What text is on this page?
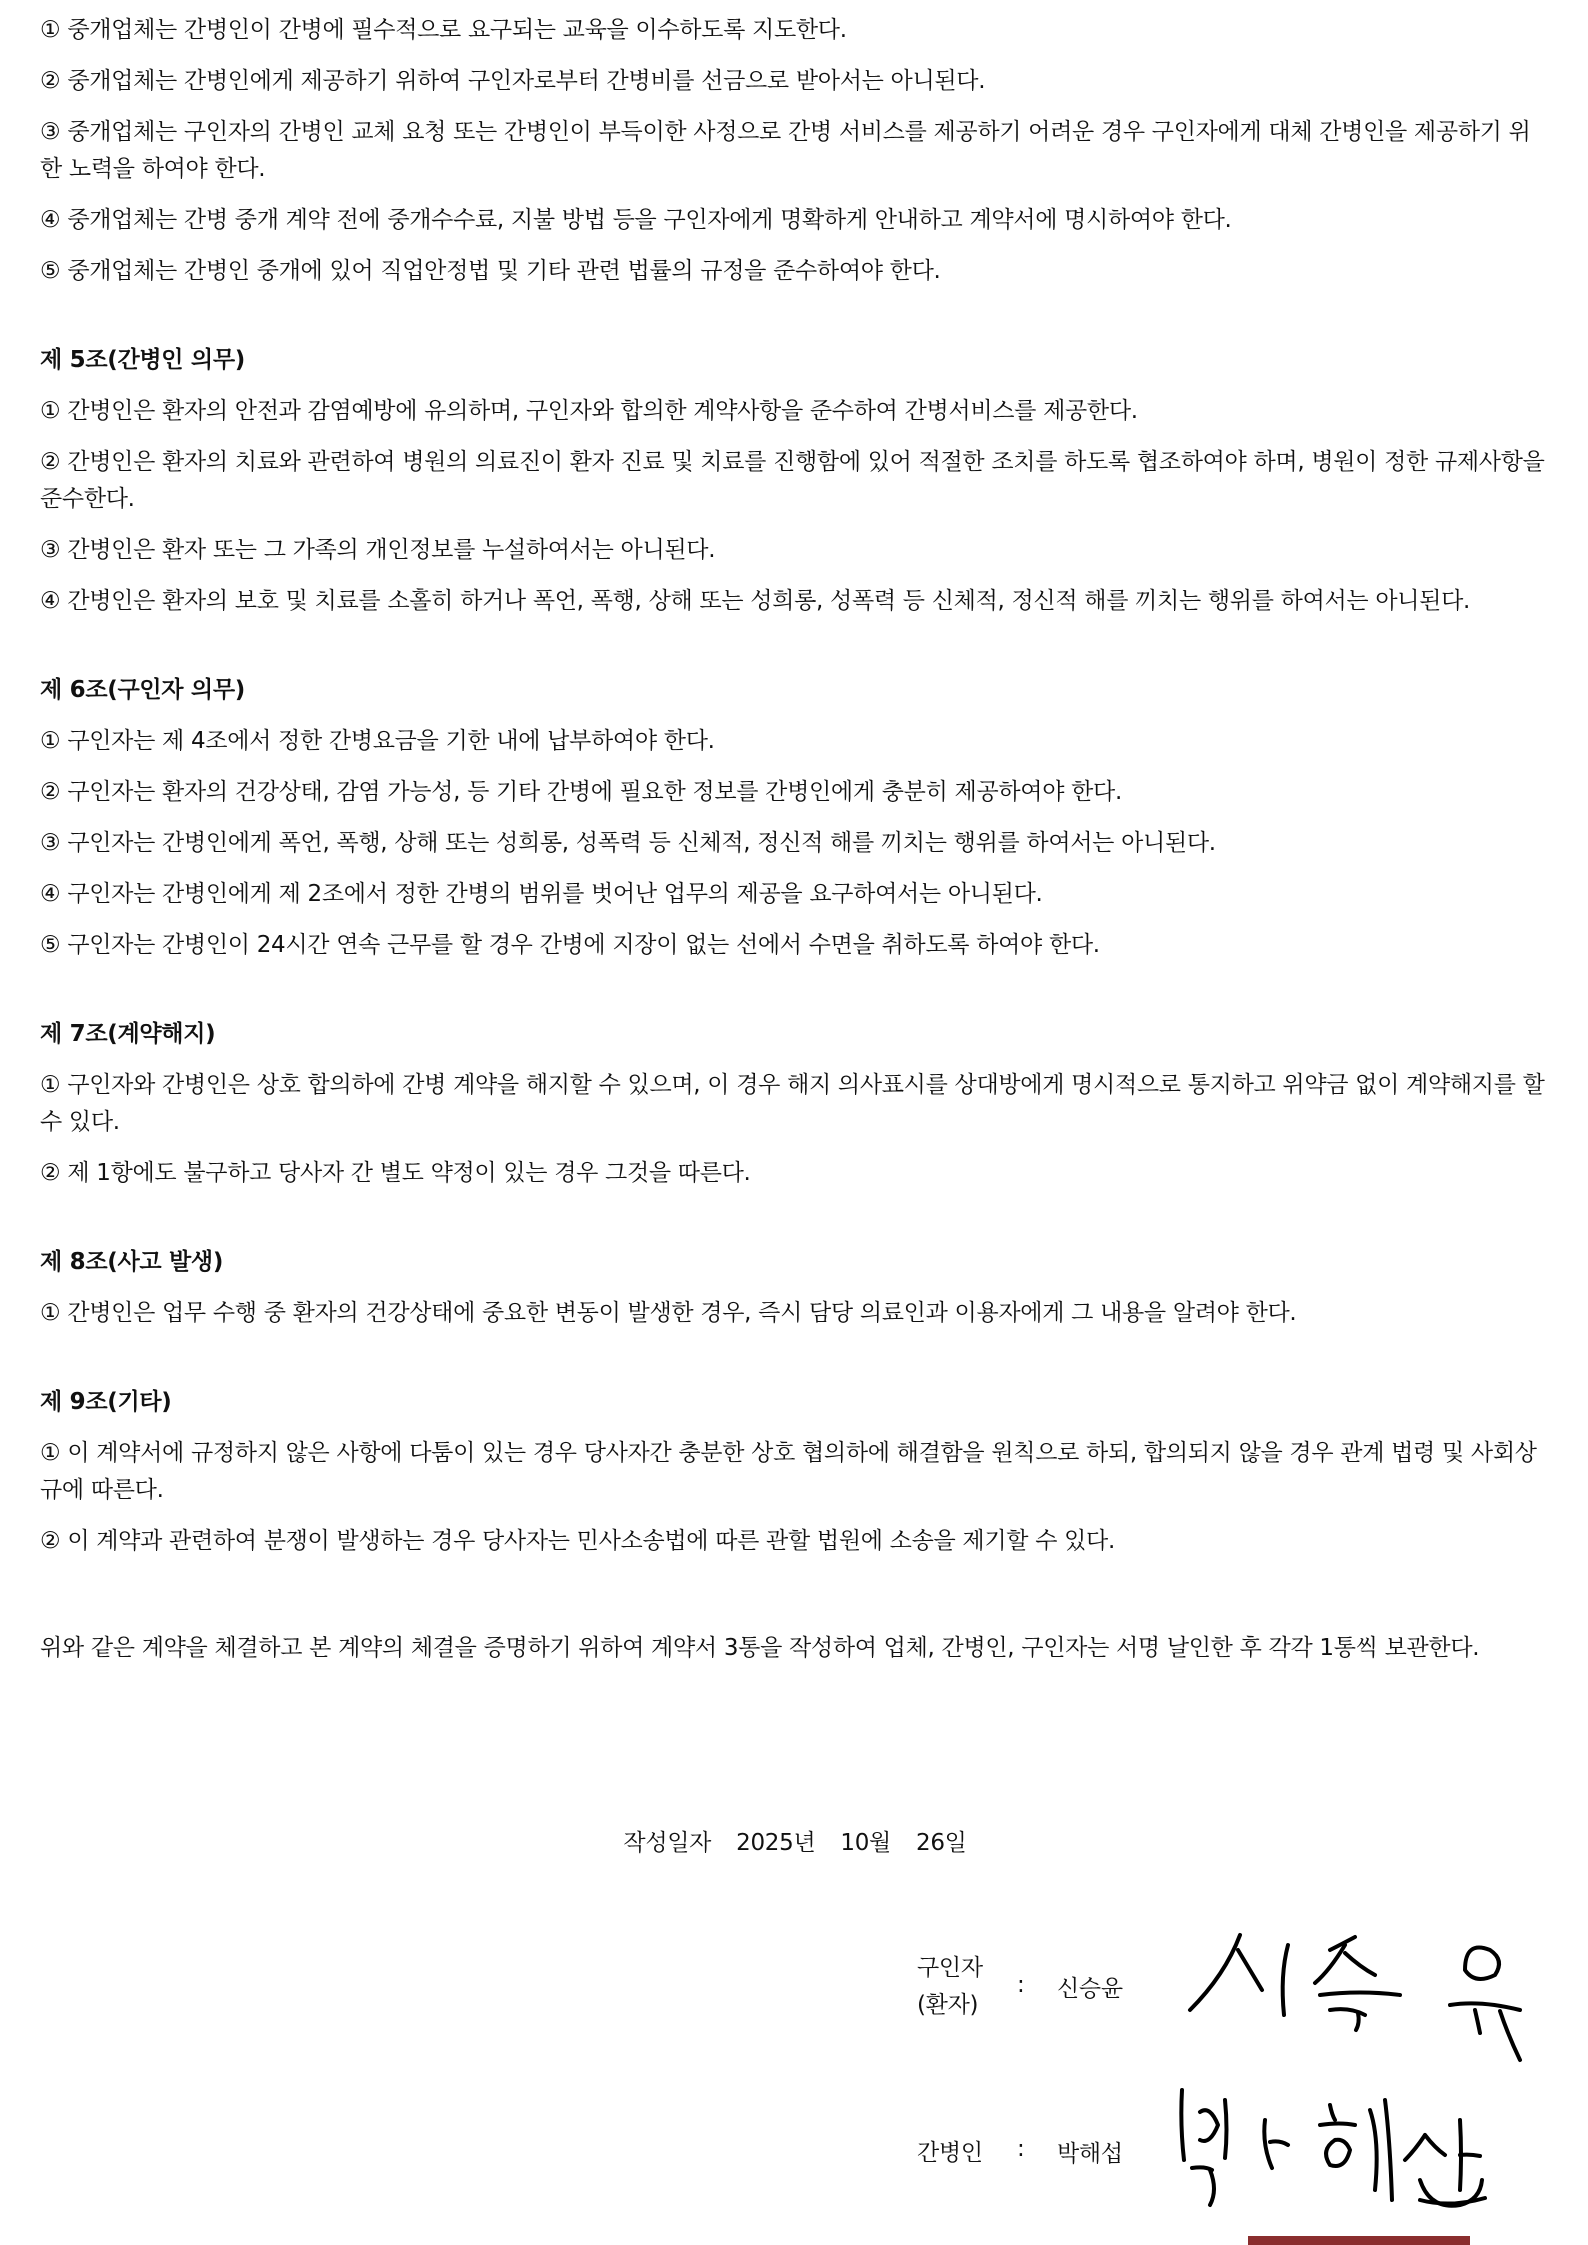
① 중개업체는 간병인이 간병에 필수적으로 요구되는 교육을 이수하도록 지도한다.

② 중개업체는 간병인에게 제공하기 위하여 구인자로부터 간병비를 선금으로 받아서는 아니된다.

③ 중개업체는 구인자의 간병인 교체 요청 또는 간병인이 부득이한 사정으로 간병 서비스를 제공하기 어려운 경우 구인자에게 대체 간병인을 제공하기 위한 노력을 하여야 한다.

④ 중개업체는 간병 중개 계약 전에 중개수수료, 지불 방법 등을 구인자에게 명확하게 안내하고 계약서에 명시하여야 한다.

⑤ 중개업체는 간병인 중개에 있어 직업안정법 및 기타 관련 법률의 규정을 준수하여야 한다.

제 5조(간병인 의무)

① 간병인은 환자의 안전과 감염예방에 유의하며, 구인자와 합의한 계약사항을 준수하여 간병서비스를 제공한다.

② 간병인은 환자의 치료와 관련하여 병원의 의료진이 환자 진료 및 치료를 진행함에 있어 적절한 조치를 하도록 협조하여야 하며, 병원이 정한 규제사항을 준수한다.

③ 간병인은 환자 또는 그 가족의 개인정보를 누설하여서는 아니된다.

④ 간병인은 환자의 보호 및 치료를 소홀히 하거나 폭언, 폭행, 상해 또는 성희롱, 성폭력 등 신체적, 정신적 해를 끼치는 행위를 하여서는 아니된다.

제 6조(구인자 의무)

① 구인자는 제 4조에서 정한 간병요금을 기한 내에 납부하여야 한다.

② 구인자는 환자의 건강상태, 감염 가능성, 등 기타 간병에 필요한 정보를 간병인에게 충분히 제공하여야 한다.

③ 구인자는 간병인에게 폭언, 폭행, 상해 또는 성희롱, 성폭력 등 신체적, 정신적 해를 끼치는 행위를 하여서는 아니된다.

④ 구인자는 간병인에게 제 2조에서 정한 간병의 범위를 벗어난 업무의 제공을 요구하여서는 아니된다.

⑤ 구인자는 간병인이 24시간 연속 근무를 할 경우 간병에 지장이 없는 선에서 수면을 취하도록 하여야 한다.

제 7조(계약해지)

① 구인자와 간병인은 상호 합의하에 간병 계약을 해지할 수 있으며, 이 경우 해지 의사표시를 상대방에게 명시적으로 통지하고 위약금 없이 계약해지를 할 수 있다.

② 제 1항에도 불구하고 당사자 간 별도 약정이 있는 경우 그것을 따른다.

제 8조(사고 발생)

① 간병인은 업무 수행 중 환자의 건강상태에 중요한 변동이 발생한 경우, 즉시 담당 의료인과 이용자에게 그 내용을 알려야 한다.

제 9조(기타)

① 이 계약서에 규정하지 않은 사항에 다툼이 있는 경우 당사자간 충분한 상호 협의하에 해결함을 원칙으로 하되, 합의되지 않을 경우 관계 법령 및 사회상규에 따른다.

② 이 계약과 관련하여 분쟁이 발생하는 경우 당사자는 민사소송법에 따른 관할 법원에 소송을 제기할 수 있다.

위와 같은 계약을 체결하고 본 계약의 체결을 증명하기 위하여 계약서 3통을 작성하여 업체, 간병인, 구인자는 서명 날인한 후 각각 1통씩 보관한다.

작성일자 2025년 10월 26일
구인자
(환자)
: 신승윤
간병인 : 박해섭
